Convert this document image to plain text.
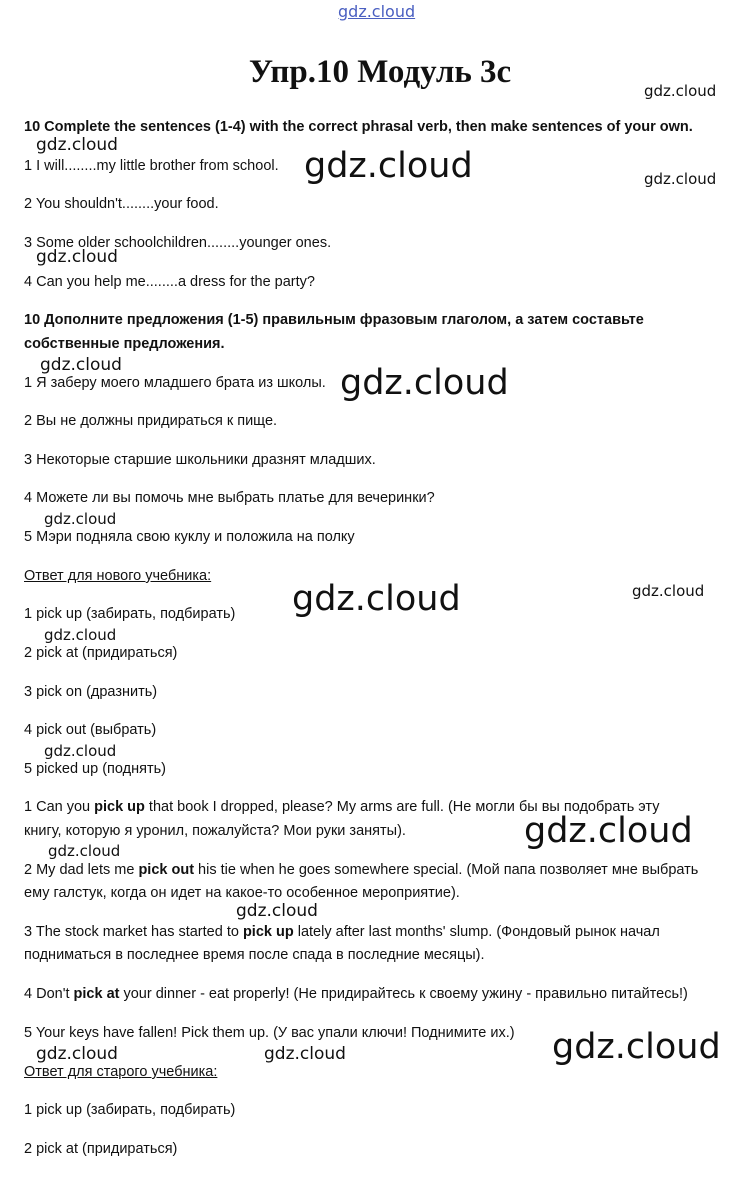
gdz.cloud
Упр.10 Модуль 3с
10 Complete the sentences (1-4) with the correct phrasal verb, then make sentences of your own.
1 I will........my little brother from school.
2 You shouldn't........your food.
3 Some older schoolchildren........younger ones.
4 Can you help me........a dress for the party?
10 Дополните предложения (1-5) правильным фразовым глаголом, а затем составьте
собственные предложения.
1 Я заберу моего младшего брата из школы.
2 Вы не должны придираться к пище.
3 Некоторые старшие школьники дразнят младших.
4 Можете ли вы помочь мне выбрать платье для вечеринки?
5 Мэри подняла свою куклу и положила на полку
Ответ для нового учебника:
1 pick up (забирать, подбирать)
2 pick at (придираться)
3 pick on (дразнить)
4 pick out (выбрать)
5 picked up (поднять)
1 Can you pick up that book I dropped, please? My arms are full. (Не могли бы вы подобрать эту
книгу, которую я уронил, пожалуйста? Мои руки заняты).
2 My dad lets me pick out his tie when he goes somewhere special. (Мой папа позволяет мне выбрать
ему галстук, когда он идет на какое-то особенное мероприятие).
3 The stock market has started to pick up lately after last months' slump. (Фондовый рынок начал
подниматься в последнее время после спада в последние месяцы).
4 Don't pick at your dinner - eat properly! (Не придирайтесь к своему ужину - правильно питайтесь!)
5 Your keys have fallen! Pick them up. (У вас упали ключи! Поднимите их.)
Ответ для старого учебника:
1 pick up (забирать, подбирать)
2 pick at (придираться)
gdz.cloud
gdz.cloud
gdz.cloud	gdz.cloud
gdz.cloud
gdz.cloud	gdz.cloud
gdz.cloud
gdz.cloud	gdz.cloud
gdz.cloud
gdz.cloud
gdz.cloud
gdz.cloud
gdz.cloud
gdz.cloud
gdz.cloud	gdz.cloud
